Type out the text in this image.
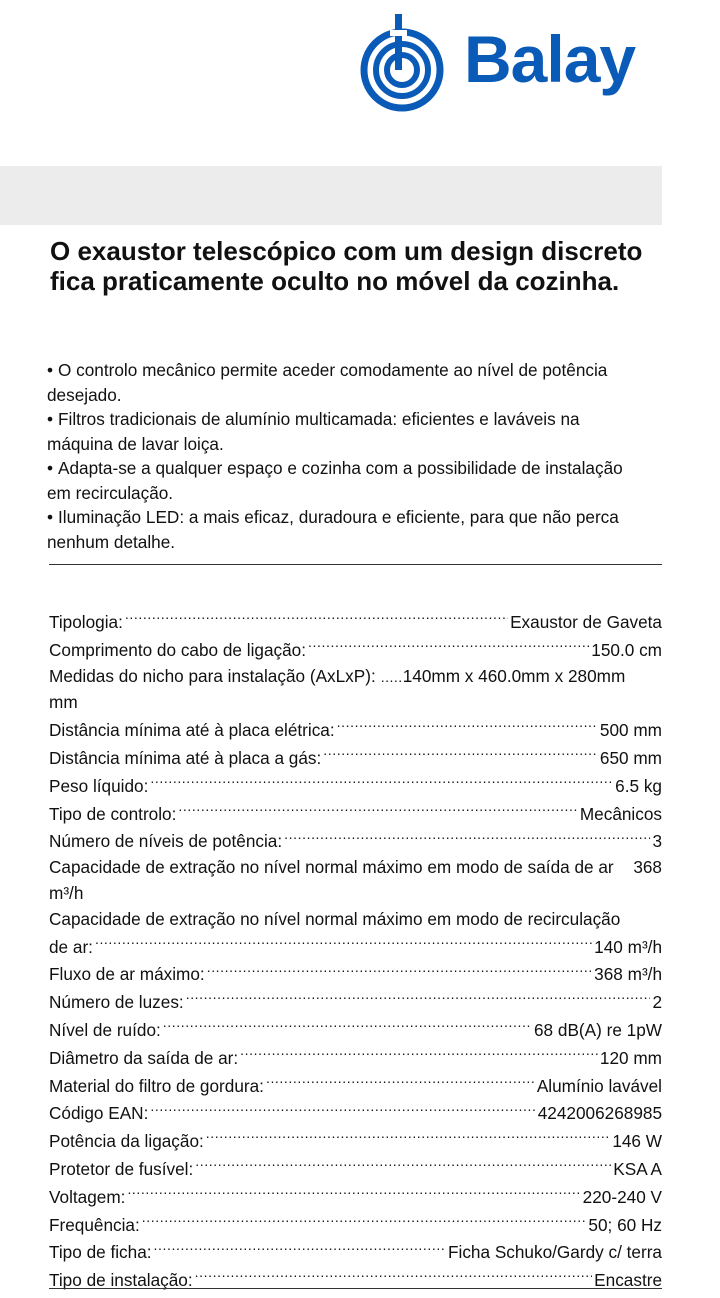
Balay
O exaustor telescópico com um design discreto fica praticamente oculto no móvel da cozinha.
• O controlo mecânico permite aceder comodamente ao nível de potência
desejado.
• Filtros tradicionais de alumínio multicamada: eficientes e laváveis na
máquina de lavar loiça.
• Adapta-se a qualquer espaço e cozinha com a possibilidade de instalação
em recirculação.
• Iluminação LED: a mais eficaz, duradoura e eficiente, para que não perca
nenhum detalhe.
Tipologia: .....	Exaustor de Gaveta
Comprimento do cabo de ligação: .....	150.0 cm
Medidas do nicho para instalação (AxLxP): ..... 140mm x 460.0mm x 280mm
mm
Distância mínima até à placa elétrica: .....	500 mm
Distância mínima até à placa a gás: .....	650 mm
Peso líquido: .....	6.5 kg
Tipo de controlo: .....	Mecânicos
Número de níveis de potência: .....	3
Capacidade de extração no nível normal máximo em modo de saída de ar 368
m³/h
Capacidade de extração no nível normal máximo em modo de recirculação
de ar: .....	140 m³/h
Fluxo de ar máximo: .....	368 m³/h
Número de luzes: .....	2
Nível de ruído: .....	68 dB(A) re 1pW
Diâmetro da saída de ar: .....	120 mm
Material do filtro de gordura: .....	Alumínio lavável
Código EAN: .....	4242006268985
Potência da ligação: .....	146 W
Protetor de fusível: .....	KSA A
Voltagem: .....	220-240 V
Frequência: .....	50; 60 Hz
Tipo de ficha: .....	Ficha Schuko/Gardy c/ terra
Tipo de instalação: .....	Encastre
